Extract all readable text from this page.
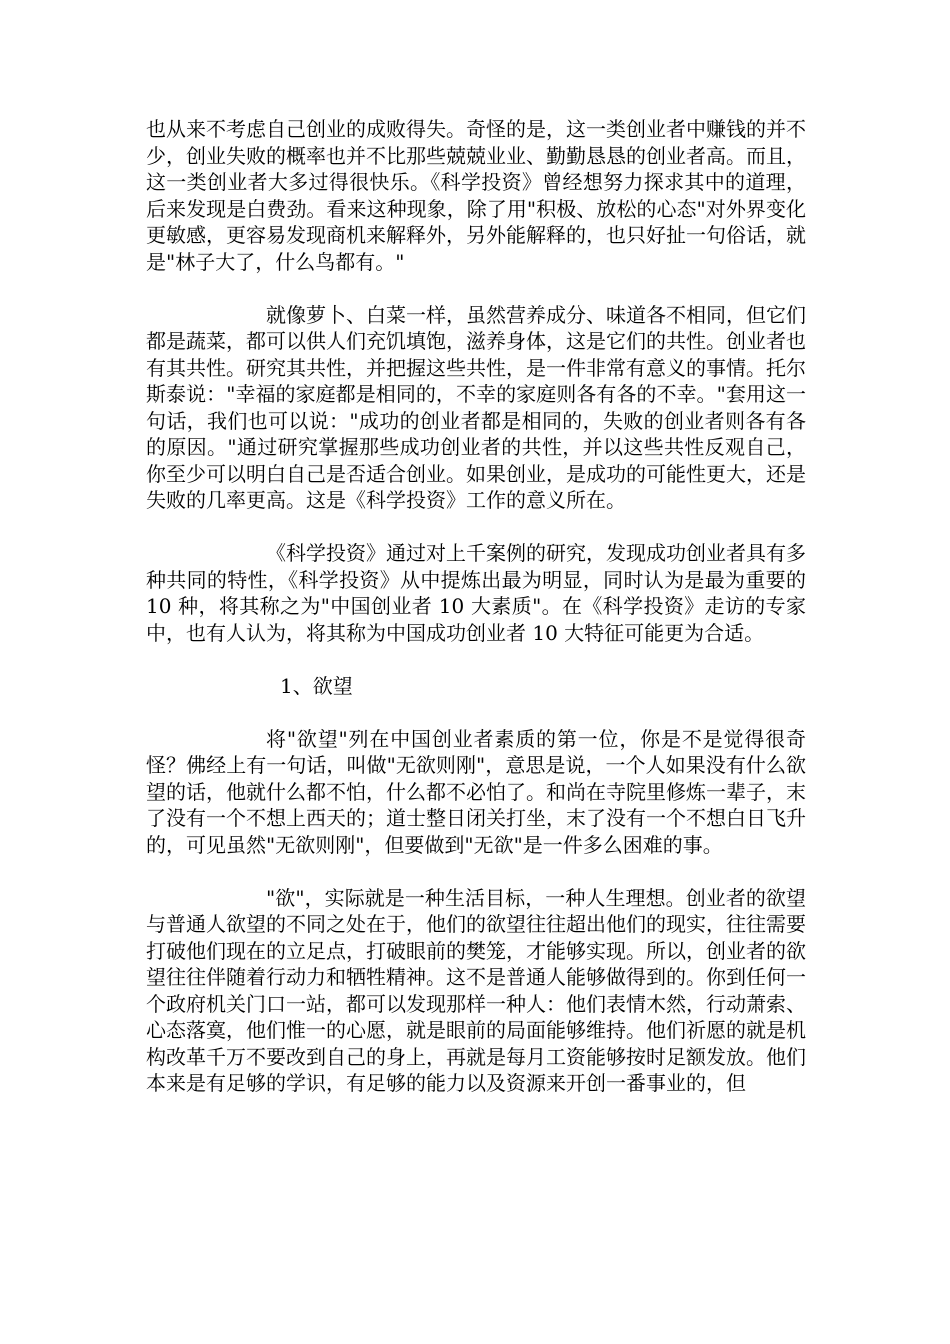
也从来不考虑自己创业的成败得失。奇怪的是，这一类创业者中赚钱的并不少，创业失败的概率也并不比那些兢兢业业、勤勤恳恳的创业者高。而且，这一类创业者大多过得很快乐。《科学投资》曾经想努力探求其中的道理，后来发现是白费劲。看来这种现象，除了用"积极、放松的心态"对外界变化更敏感，更容易发现商机来解释外，另外能解释的，也只好扯一句俗话，就是"林子大了，什么鸟都有。"

就像萝卜、白菜一样，虽然营养成分、味道各不相同，但它们都是蔬菜，都可以供人们充饥填饱，滋养身体，这是它们的共性。创业者也有其共性。研究其共性，并把握这些共性，是一件非常有意义的事情。托尔斯泰说："幸福的家庭都是相同的，不幸的家庭则各有各的不幸。"套用这一句话，我们也可以说："成功的创业者都是相同的，失败的创业者则各有各的原因。"通过研究掌握那些成功创业者的共性，并以这些共性反观自己，你至少可以明白自己是否适合创业。如果创业，是成功的可能性更大，还是失败的几率更高。这是《科学投资》工作的意义所在。

《科学投资》通过对上千案例的研究，发现成功创业者具有多种共同的特性，《科学投资》从中提炼出最为明显，同时认为是最为重要的 10 种，将其称之为"中国创业者 10 大素质"。在《科学投资》走访的专家中，也有人认为，将其称为中国成功创业者 10 大特征可能更为合适。

1、欲望

将"欲望"列在中国创业者素质的第一位，你是不是觉得很奇怪？佛经上有一句话，叫做"无欲则刚"，意思是说，一个人如果没有什么欲望的话，他就什么都不怕，什么都不必怕了。和尚在寺院里修炼一辈子，末了没有一个不想上西天的；道士整日闭关打坐，末了没有一个不想白日飞升的，可见虽然"无欲则刚"，但要做到"无欲"是一件多么困难的事。

"欲"，实际就是一种生活目标，一种人生理想。创业者的欲望与普通人欲望的不同之处在于，他们的欲望往往超出他们的现实，往往需要打破他们现在的立足点，打破眼前的樊笼，才能够实现。所以，创业者的欲望往往伴随着行动力和牺牲精神。这不是普通人能够做得到的。你到任何一个政府机关门口一站，都可以发现那样一种人：他们表情木然，行动萧索、心态落寞，他们惟一的心愿，就是眼前的局面能够维持。他们祈愿的就是机构改革千万不要改到自己的身上，再就是每月工资能够按时足额发放。他们本来是有足够的学识，有足够的能力以及资源来开创一番事业的，但
